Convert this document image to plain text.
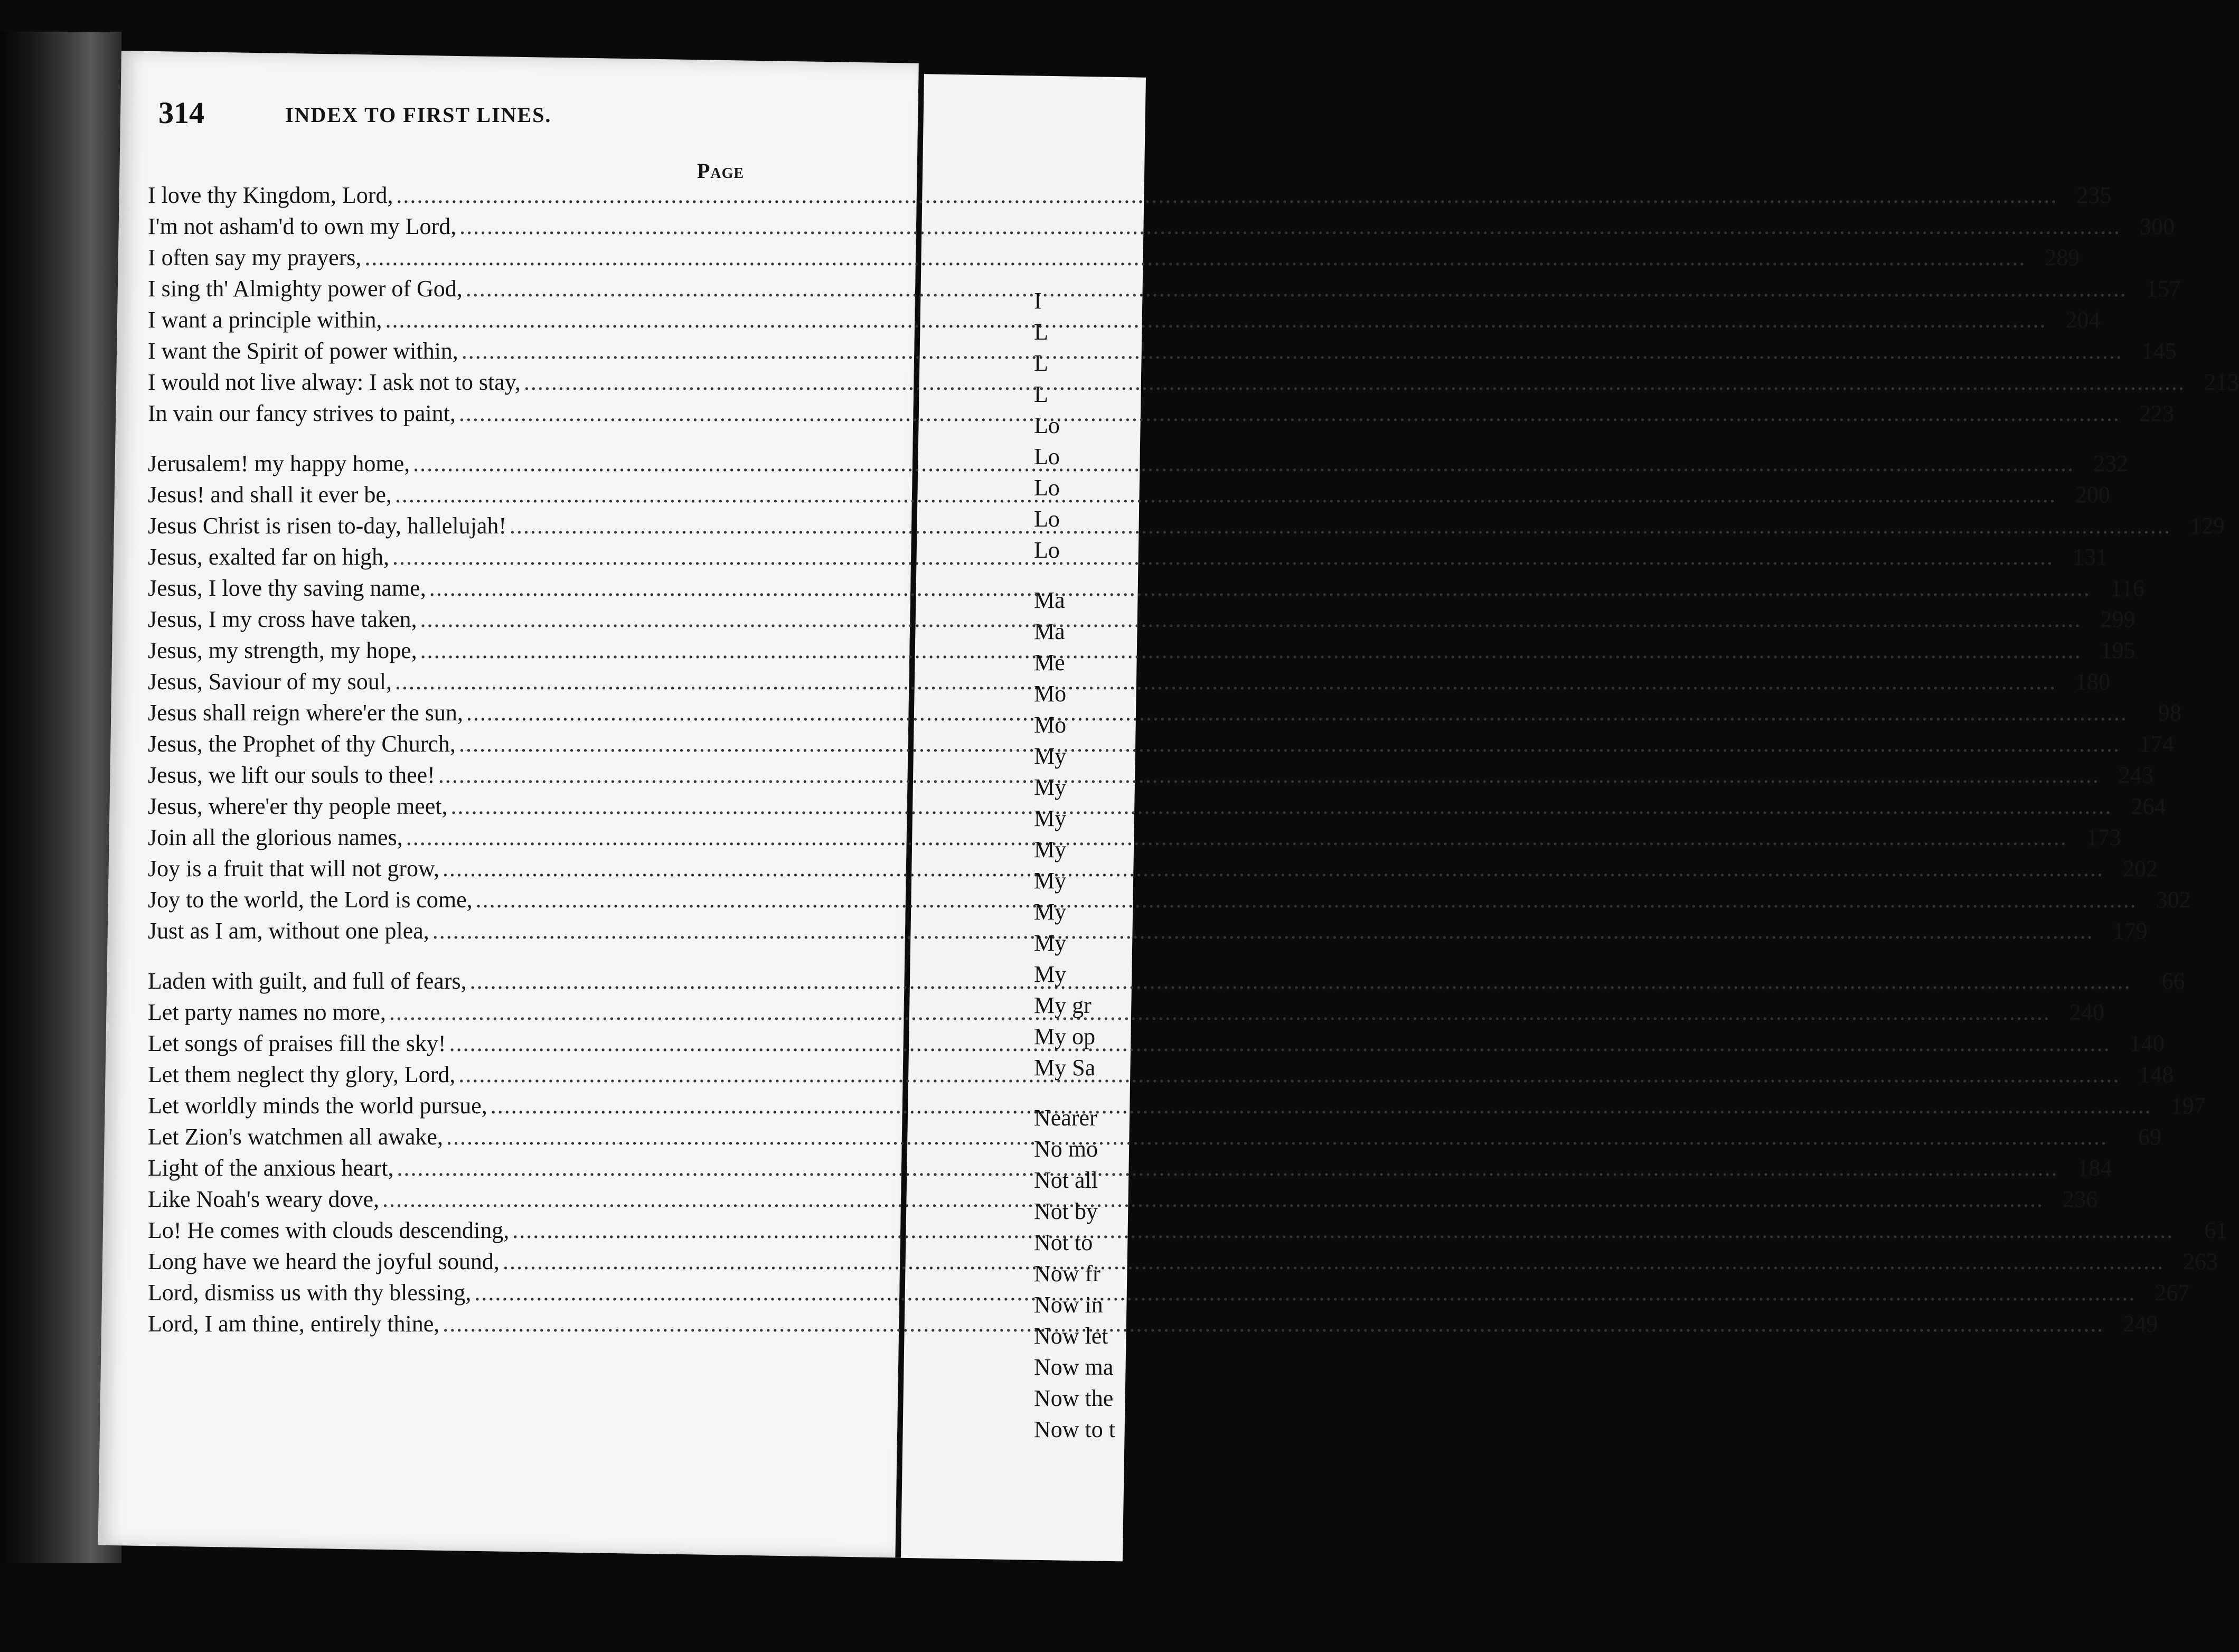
314	INDEX TO FIRST LINES.
Page
I love thy Kingdom, Lord, .....	235
I'm not asham'd to own my Lord, .....	300
I often say my prayers, .....	289
I sing th' Almighty power of God, .....	157
I want a principle within, .....	204
I want the Spirit of power within, .....	145
I would not live alway: I ask not to stay, .....	213
In vain our fancy strives to paint, .....	223
Jerusalem! my happy home, .....	232
Jesus! and shall it ever be, .....	200
Jesus Christ is risen to-day, hallelujah! .....	129
Jesus, exalted far on high, .....	131
Jesus, I love thy saving name, .....	116
Jesus, I my cross have taken, .....	299
Jesus, my strength, my hope, .....	195
Jesus, Saviour of my soul, .....	180
Jesus shall reign where'er the sun, .....	98
Jesus, the Prophet of thy Church, .....	174
Jesus, we lift our souls to thee! .....	243
Jesus, where'er thy people meet, .....	264
Join all the glorious names, .....	173
Joy is a fruit that will not grow, .....	202
Joy to the world, the Lord is come, .....	302
Just as I am, without one plea, .....	179
Laden with guilt, and full of fears, .....	66
Let party names no more, .....	240
Let songs of praises fill the sky! .....	140
Let them neglect thy glory, Lord, .....	148
Let worldly minds the world pursue, .....	197
Let Zion's watchmen all awake, .....	69
Light of the anxious heart, .....	184
Like Noah's weary dove, .....	236
Lo! He comes with clouds descending, .....	61
Long have we heard the joyful sound, .....	263
Lord, dismiss us with thy blessing, .....	267
Lord, I am thine, entirely thine, .....	249
I
L
L
L
Lo
Lo
Lo
Lo
Lo
Ma
Ma
Me
Mo
Mo
My
My
My
My
My
My
My
My
My gr
My op
My Sa
Nearer
No mo
Not all
Not by
Not to
Now fr
Now in
Now let
Now ma
Now the
Now to t
